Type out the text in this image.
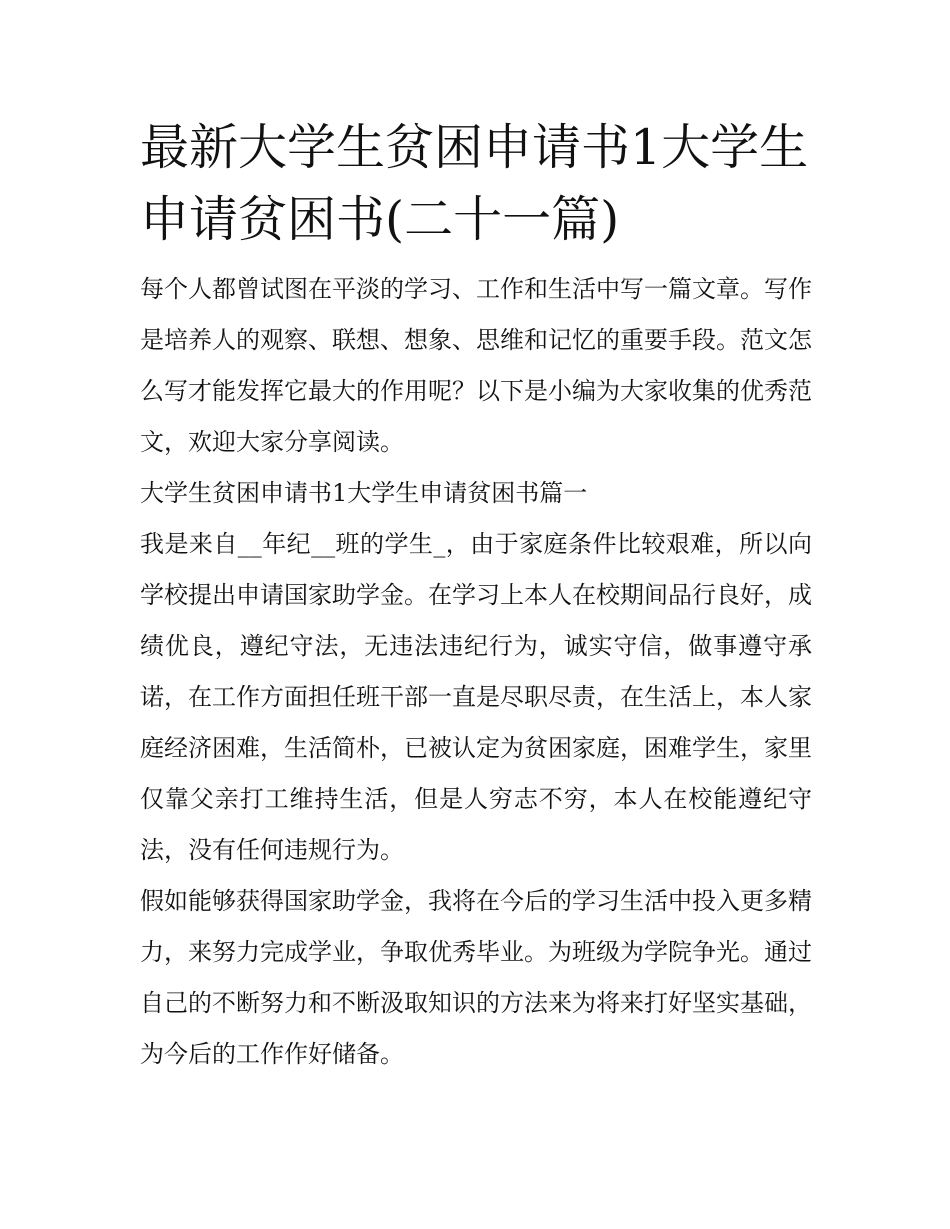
最新大学生贫困申请书1大学生申请贫困书(二十一篇)

每个人都曾试图在平淡的学习、工作和生活中写一篇文章。写作是培养人的观察、联想、想象、思维和记忆的重要手段。范文怎么写才能发挥它最大的作用呢？以下是小编为大家收集的优秀范文，欢迎大家分享阅读。

大学生贫困申请书1大学生申请贫困书篇一

我是来自__年纪__班的学生_，由于家庭条件比较艰难，所以向学校提出申请国家助学金。在学习上本人在校期间品行良好，成绩优良，遵纪守法，无违法违纪行为，诚实守信，做事遵守承诺，在工作方面担任班干部一直是尽职尽责，在生活上，本人家庭经济困难，生活简朴，已被认定为贫困家庭，困难学生，家里仅靠父亲打工维持生活，但是人穷志不穷，本人在校能遵纪守法，没有任何违规行为。

假如能够获得国家助学金，我将在今后的学习生活中投入更多精力，来努力完成学业，争取优秀毕业。为班级为学院争光。通过自己的不断努力和不断汲取知识的方法来为将来打好坚实基础，为今后的工作作好储备。
